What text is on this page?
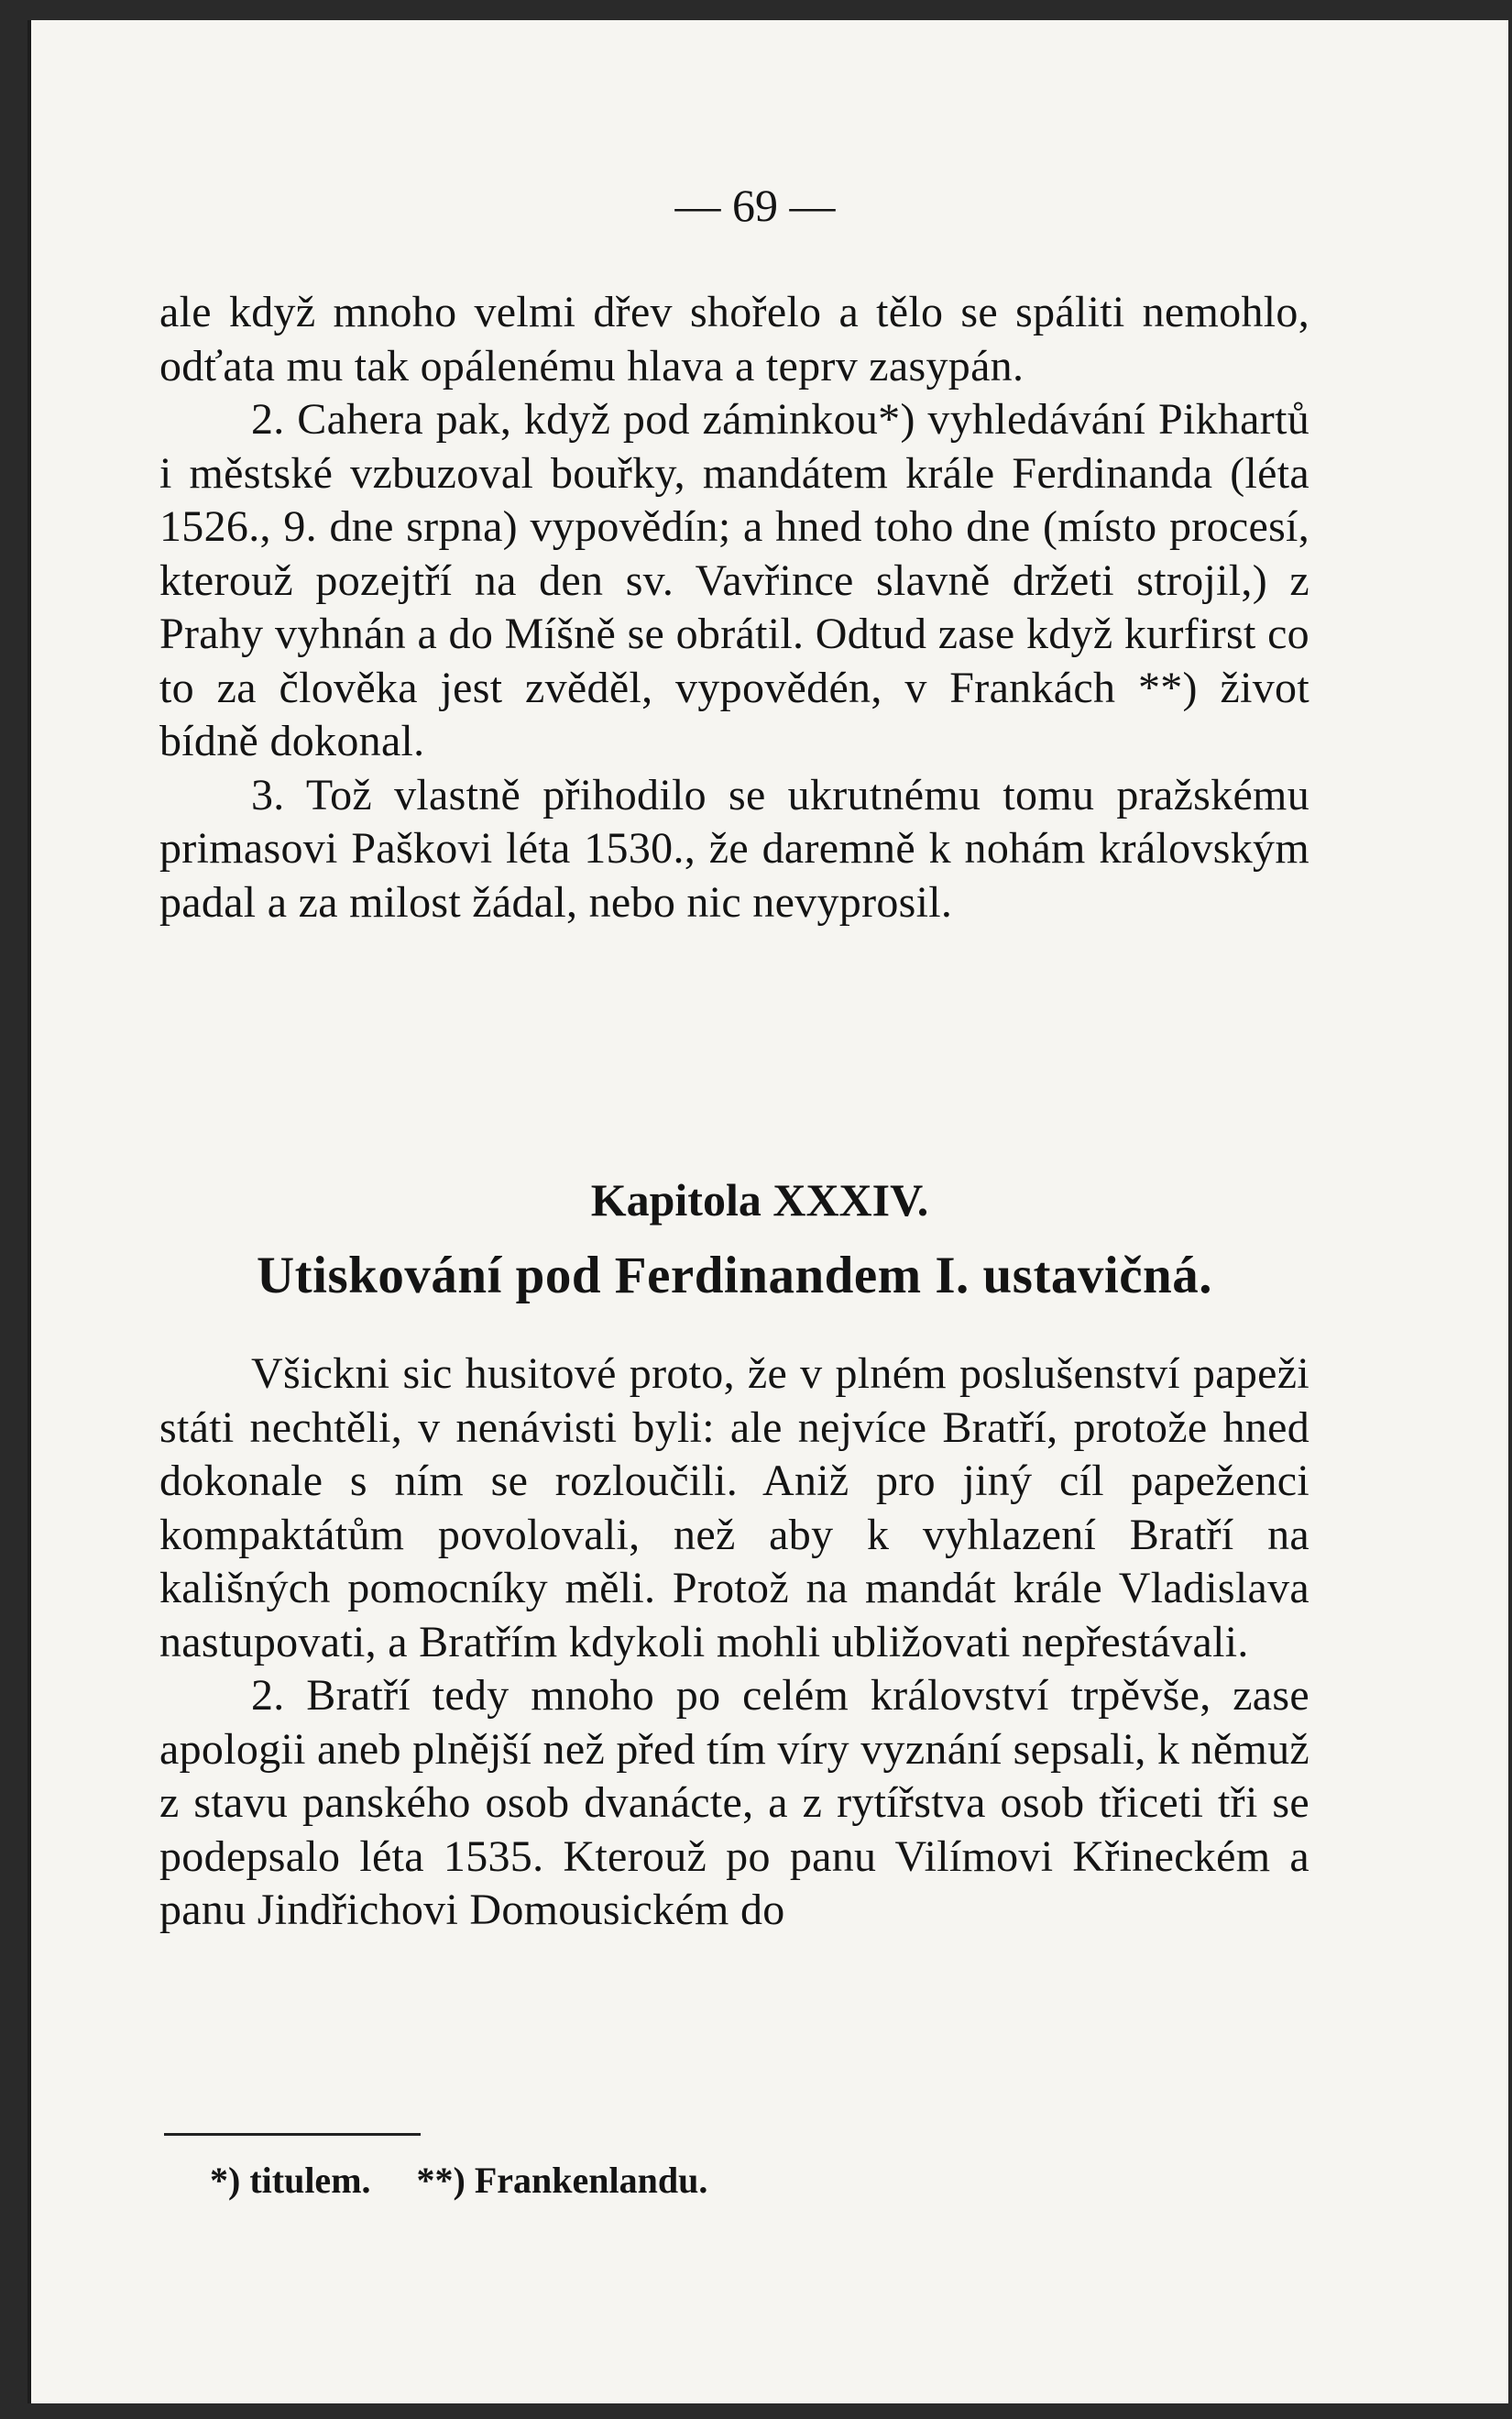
— 69 —

ale když mnoho velmi dřev shořelo a tělo se spáliti nemohlo, odťata mu tak opálenému hlava a teprv zasypán.

2. Cahera pak, když pod záminkou*) vyhledávání Pikhartů i městské vzbuzoval bouřky, mandátem krále Ferdinanda (léta 1526., 9. dne srpna) vypovědín; a hned toho dne (místo procesí, kterouž pozejtří na den sv. Vavřince slavně držeti strojil,) z Prahy vyhnán a do Míšně se obrátil. Odtud zase když kurfirst co to za člověka jest zvěděl, vypovědén, v Frankách **) život bídně dokonal.

3. Tož vlastně přihodilo se ukrutnému tomu pražskému primasovi Paškovi léta 1530., že daremně k nohám královským padal a za milost žádal, nebo nic nevyprosil.

Kapitola XXXIV.
Utiskování pod Ferdinandem I. ustavičná.

Všickni sic husitové proto, že v plném poslušenství papeži státi nechtěli, v nenávisti byli: ale nejvíce Bratří, protože hned dokonale s ním se rozloučili. Aniž pro jiný cíl papeženci kompaktátům povolovali, než aby k vyhlazení Bratří na kališných pomocníky měli. Protož na mandát krále Vladislava nastupovati, a Bratřím kdykoli mohli ubližovati nepřestávali.

2. Bratří tedy mnoho po celém království trpěvše, zase apologii aneb plnější než před tím víry vyznání sepsali, k němuž z stavu panského osob dvanácte, a z rytířstva osob třiceti tři se podepsalo léta 1535. Kterouž po panu Vilímovi Křineckém a panu Jindřichovi Domousickém do

*) titulem. **) Frankenlandu.
